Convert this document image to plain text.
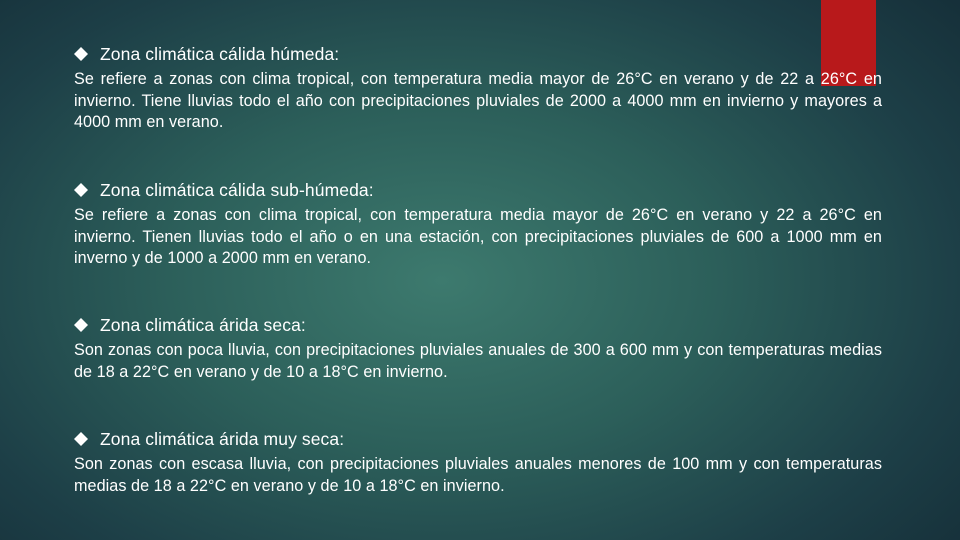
Zona climática cálida húmeda:
Se refiere a zonas con clima tropical, con temperatura media mayor de 26°C en verano y de 22 a 26°C en invierno. Tiene lluvias todo el año con precipitaciones pluviales de 2000 a 4000 mm en invierno y mayores a 4000 mm en verano.
Zona climática cálida sub-húmeda:
Se refiere a zonas con clima tropical, con temperatura media mayor de 26°C en verano y 22 a 26°C en invierno. Tienen lluvias todo el año o en una estación, con precipitaciones pluviales de 600 a 1000 mm en inverno y de 1000 a 2000 mm en verano.
Zona climática árida seca:
Son zonas con poca lluvia, con precipitaciones pluviales anuales de 300 a 600 mm y con temperaturas medias de 18 a 22°C en verano y de 10 a 18°C en invierno.
Zona climática árida muy seca:
Son zonas con escasa lluvia, con precipitaciones pluviales anuales menores de 100 mm y con temperaturas medias de 18 a 22°C en verano y de 10 a 18°C en invierno.
